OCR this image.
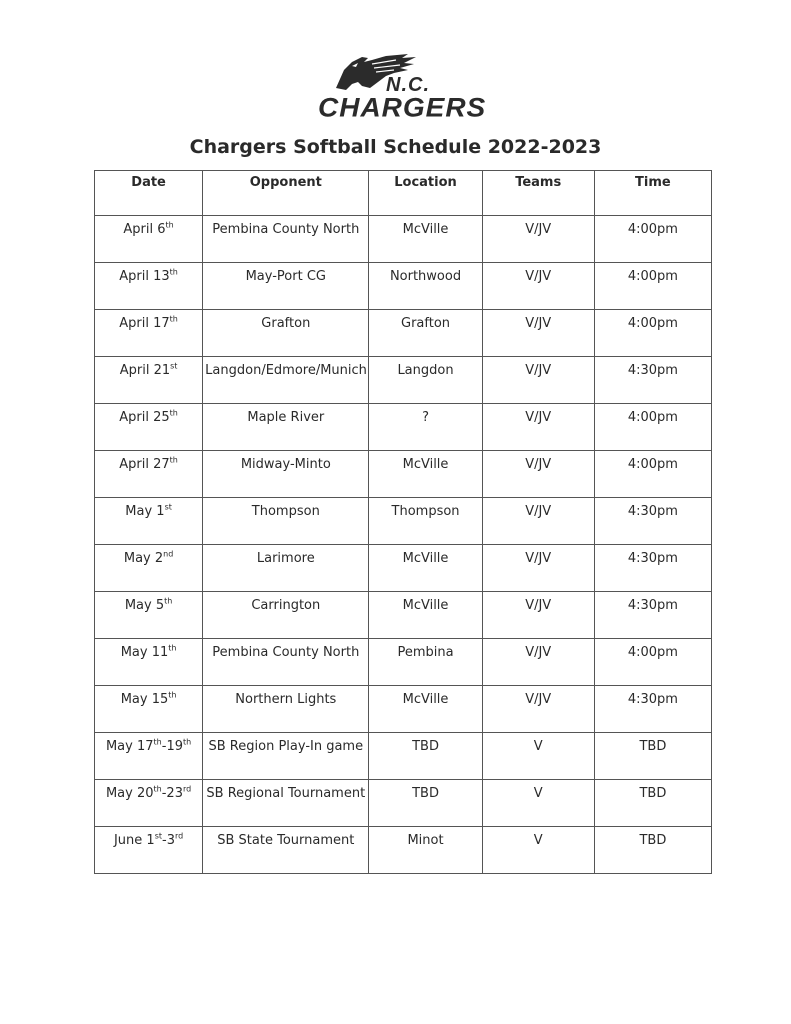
N.C.
CHARGERS
Chargers Softball Schedule 2022-2023
Date	Opponent	Location	Teams	Time
April 6th	Pembina County North	McVille	V/JV	4:00pm
April 13th	May-Port CG	Northwood	V/JV	4:00pm
April 17th	Grafton	Grafton	V/JV	4:00pm
April 21st	Langdon/Edmore/Munich	Langdon	V/JV	4:30pm
April 25th	Maple River	?	V/JV	4:00pm
April 27th	Midway-Minto	McVille	V/JV	4:00pm
May 1st	Thompson	Thompson	V/JV	4:30pm
May 2nd	Larimore	McVille	V/JV	4:30pm
May 5th	Carrington	McVille	V/JV	4:30pm
May 11th	Pembina County North	Pembina	V/JV	4:00pm
May 15th	Northern Lights	McVille	V/JV	4:30pm
May 17th-19th	SB Region Play-In game	TBD	V	TBD
May 20th-23rd	SB Regional Tournament	TBD	V	TBD
June 1st-3rd	SB State Tournament	Minot	V	TBD
